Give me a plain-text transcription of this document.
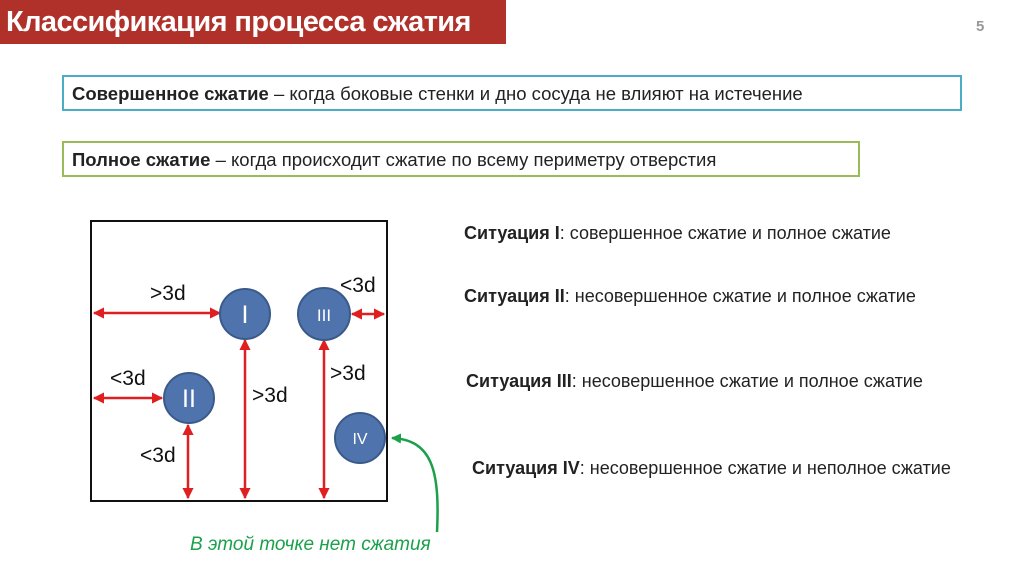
Классификация процесса сжатия	5
Совершенное сжатие – когда боковые стенки и дно сосуда не влияют на истечение
Полное сжатие – когда происходит сжатие по всему периметру отверстия
I	III
II
IV
>3d	<3d
<3d
>3d
>3d
<3d
В этой точке нет сжатия
Ситуация I: совершенное сжатие и полное сжатие
Ситуация II: несовершенное сжатие и полное сжатие
Ситуация III: несовершенное сжатие и полное сжатие
Ситуация IV: несовершенное сжатие и неполное сжатие
